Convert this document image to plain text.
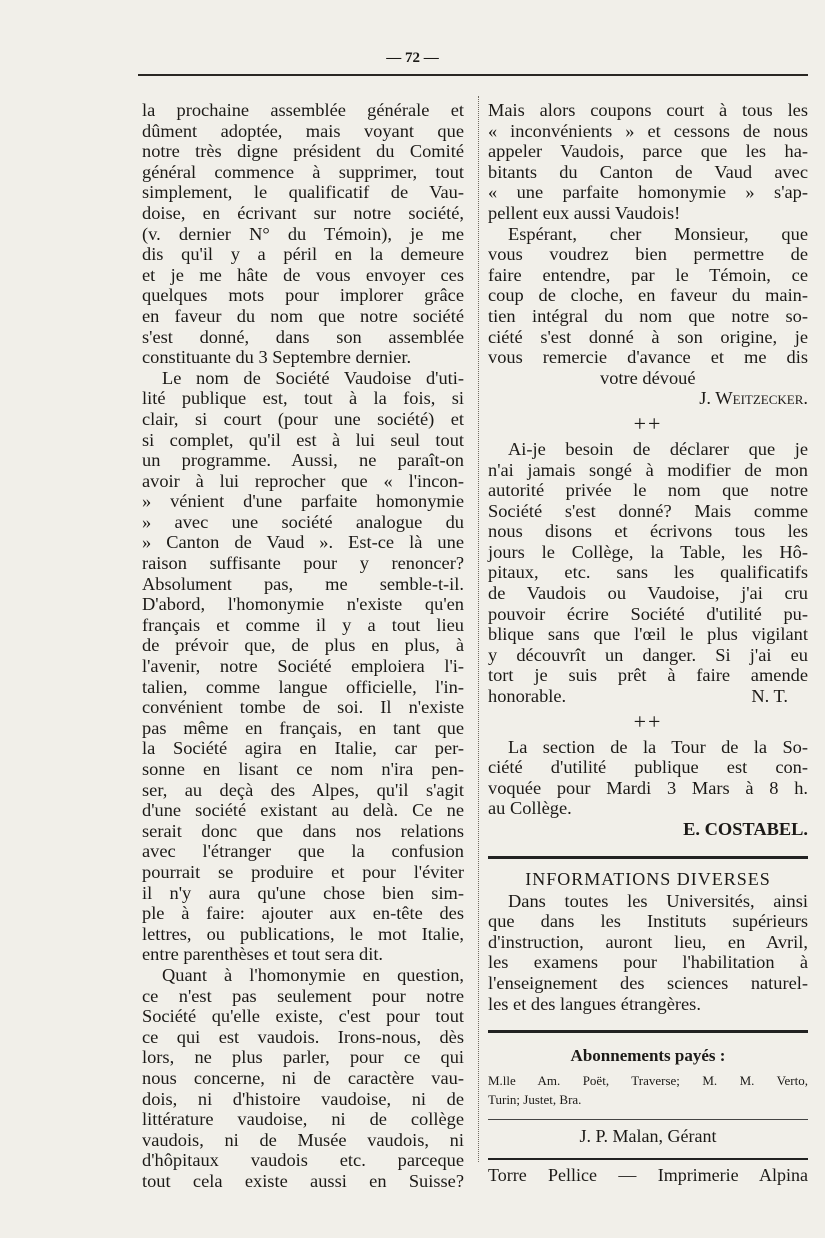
— 72 —
la prochaine assemblée générale et
dûment adoptée, mais voyant que
notre très digne président du Comité
général commence à supprimer, tout
simplement, le qualificatif de Vau-
doise, en écrivant sur notre société,
(v. dernier N° du Témoin), je me
dis qu'il y a péril en la demeure
et je me hâte de vous envoyer ces
quelques mots pour implorer grâce
en faveur du nom que notre société
s'est donné, dans son assemblée
constituante du 3 Septembre dernier.
Le nom de Société Vaudoise d'uti-
lité publique est, tout à la fois, si
clair, si court (pour une société) et
si complet, qu'il est à lui seul tout
un programme. Aussi, ne paraît-on
avoir à lui reprocher que « l'incon-
» vénient d'une parfaite homonymie
» avec une société analogue du
» Canton de Vaud ». Est-ce là une
raison suffisante pour y renoncer?
Absolument pas, me semble-t-il.
D'abord, l'homonymie n'existe qu'en
français et comme il y a tout lieu
de prévoir que, de plus en plus, à
l'avenir, notre Société emploiera l'i-
talien, comme langue officielle, l'in-
convénient tombe de soi. Il n'existe
pas même en français, en tant que
la Société agira en Italie, car per-
sonne en lisant ce nom n'ira pen-
ser, au deçà des Alpes, qu'il s'agit
d'une société existant au delà. Ce ne
serait donc que dans nos relations
avec l'étranger que la confusion
pourrait se produire et pour l'éviter
il n'y aura qu'une chose bien sim-
ple à faire: ajouter aux en-tête des
lettres, ou publications, le mot Italie,
entre parenthèses et tout sera dit.
Quant à l'homonymie en question,
ce n'est pas seulement pour notre
Société qu'elle existe, c'est pour tout
ce qui est vaudois. Irons-nous, dès
lors, ne plus parler, pour ce qui
nous concerne, ni de caractère vau-
dois, ni d'histoire vaudoise, ni de
littérature vaudoise, ni de collège
vaudois, ni de Musée vaudois, ni
d'hôpitaux vaudois etc. parceque
tout cela existe aussi en Suisse?
Mais alors coupons court à tous les
« inconvénients » et cessons de nous
appeler Vaudois, parce que les ha-
bitants du Canton de Vaud avec
« une parfaite homonymie » s'ap-
pellent eux aussi Vaudois!
Espérant, cher Monsieur, que
vous voudrez bien permettre de
faire entendre, par le Témoin, ce
coup de cloche, en faveur du main-
tien intégral du nom que notre so-
ciété s'est donné à son origine, je
vous remercie d'avance et me dis
votre dévoué
J. Weitzecker.
++
Ai-je besoin de déclarer que je
n'ai jamais songé à modifier de mon
autorité privée le nom que notre
Société s'est donné? Mais comme
nous disons et écrivons tous les
jours le Collège, la Table, les Hô-
pitaux, etc. sans les qualificatifs
de Vaudois ou Vaudoise, j'ai cru
pouvoir écrire Société d'utilité pu-
blique sans que l'œil le plus vigilant
y découvrît un danger. Si j'ai eu
tort je suis prêt à faire amende
honorable.	N. T.
++
La section de la Tour de la So-
ciété d'utilité publique est con-
voquée pour Mardi 3 Mars à 8 h.
au Collège.
E. COSTABEL.
INFORMATIONS DIVERSES
Dans toutes les Universités, ainsi
que dans les Instituts supérieurs
d'instruction, auront lieu, en Avril,
les examens pour l'habilitation à
l'enseignement des sciences naturel-
les et des langues étrangères.
Abonnements payés :
M.lle Am. Poët, Traverse; M. M. Verto,
Turin; Justet, Bra.
J. P. Malan, Gérant
Torre Pellice — Imprimerie Alpina
